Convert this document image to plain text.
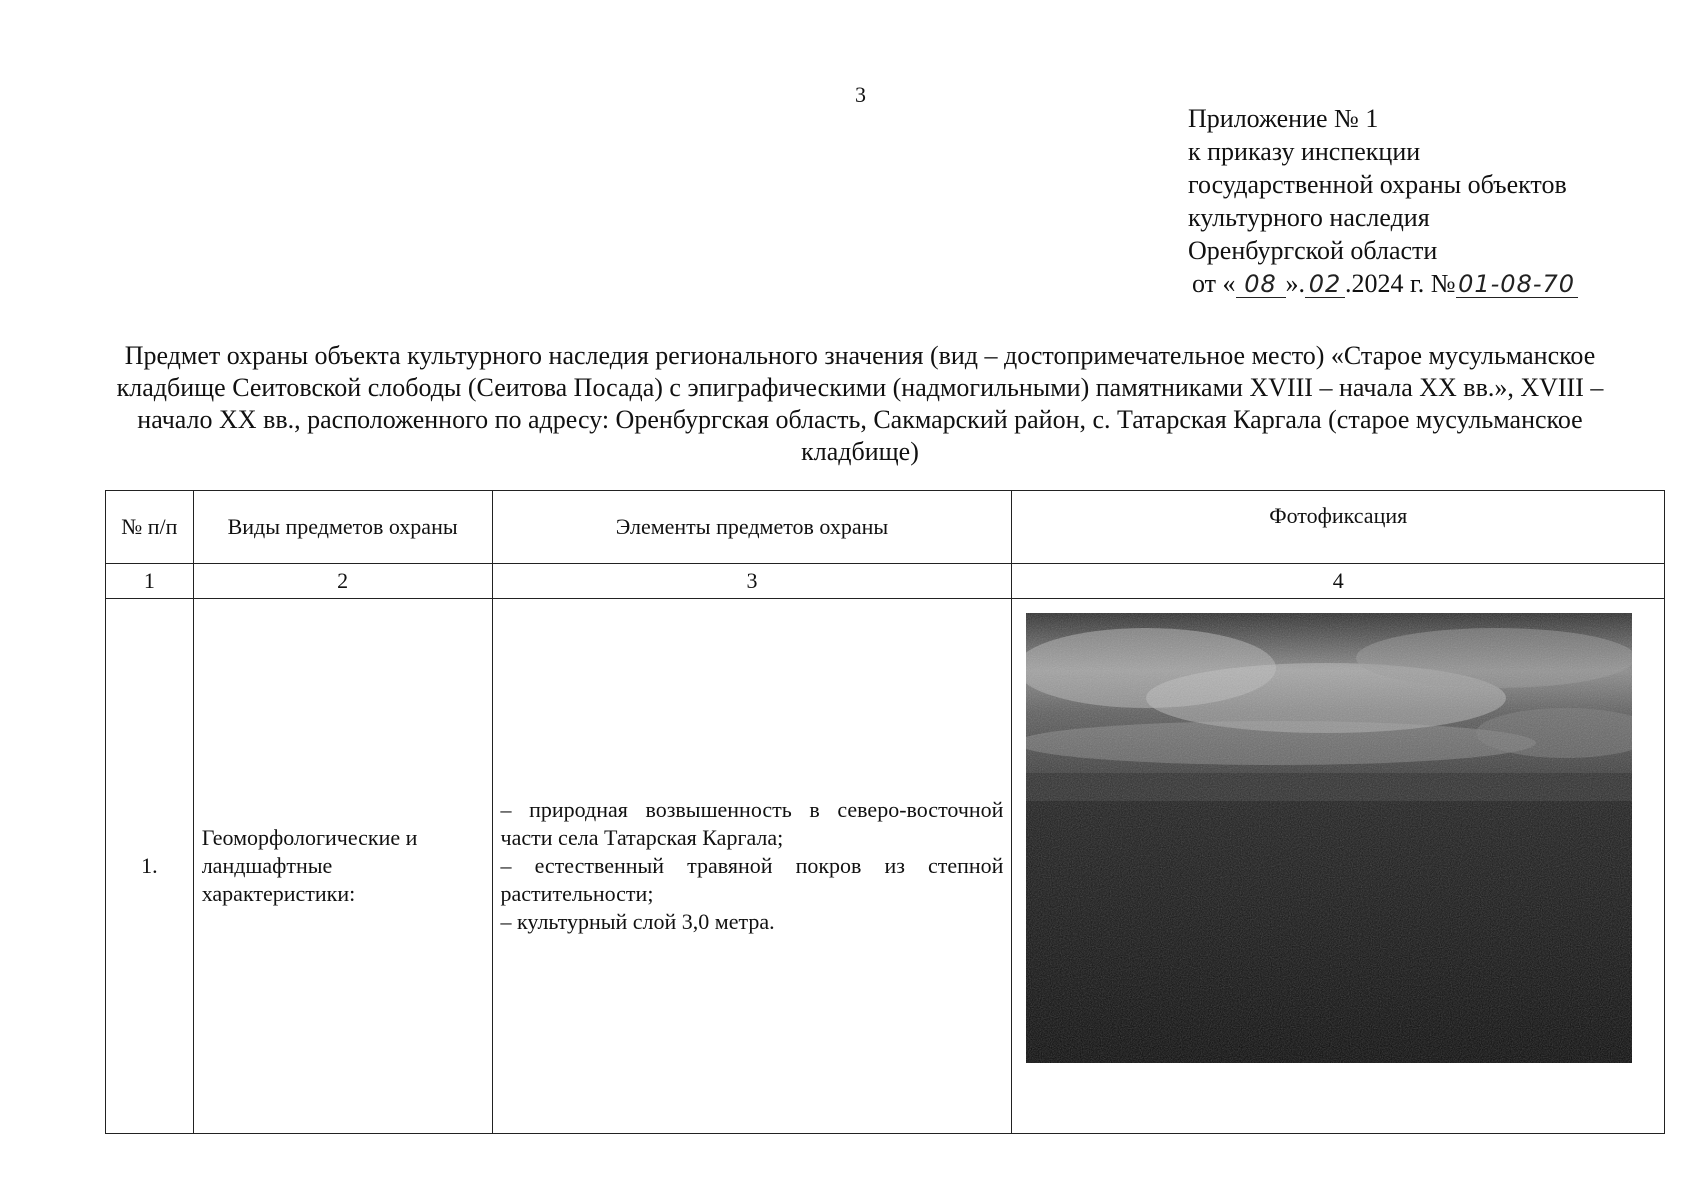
3
Приложение № 1
к приказу инспекции
государственной охраны объектов
культурного наследия
Оренбургской области
от « 08 ». 02 .2024 г. № 01-08-70
Предмет охраны объекта культурного наследия регионального значения (вид – достопримечательное место) «Старое мусульманское кладбище Сеитовской слободы (Сеитова Посада) с эпиграфическими (надмогильными) памятниками XVIII – начала XX вв.», XVIII – начало XX вв., расположенного по адресу: Оренбургская область, Сакмарский район, с. Татарская Каргала (старое мусульманское кладбище)
№ п/п	Виды предметов охраны	Элементы предметов охраны	Фотофиксация
1	2	3	4
1.	Геоморфологические и ландшафтные характеристики:	– природная возвышенность в северо-восточной части села Татарская Каргала;
– естественный травяной покров из степной растительности;
– культурный слой 3,0 метра.
